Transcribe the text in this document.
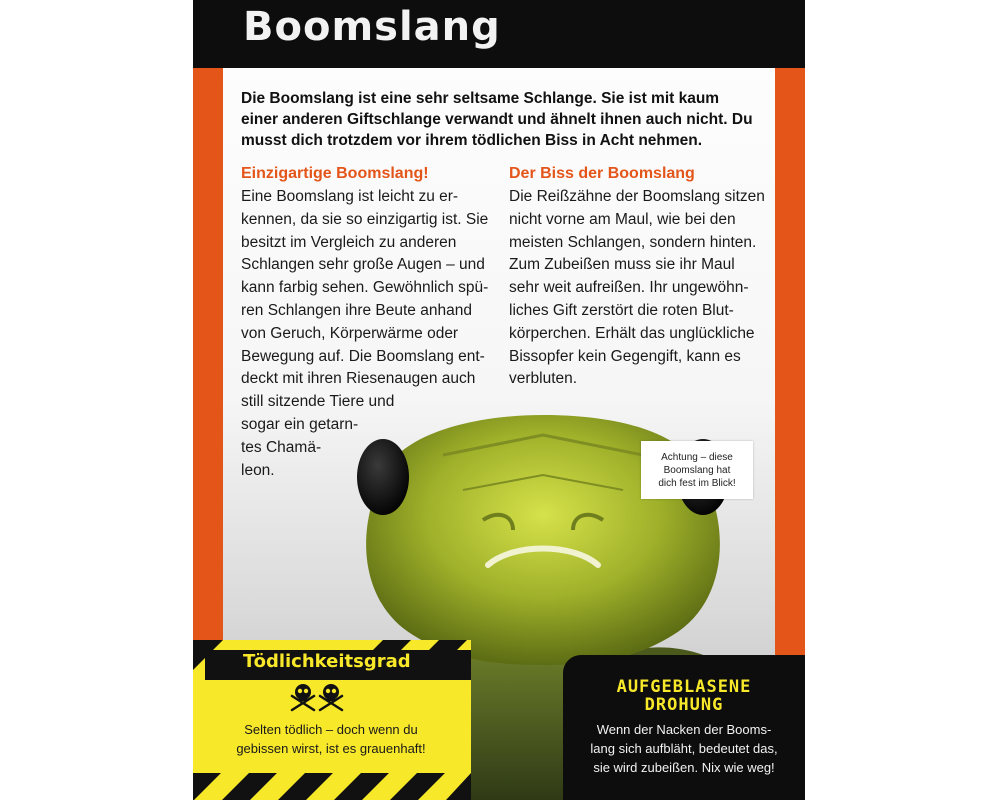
Boomslang

Die Boomslang ist eine sehr seltsame Schlange. Sie ist mit kaum einer anderen Giftschlange verwandt und ähnelt ihnen auch nicht. Du musst dich trotzdem vor ihrem tödlichen Biss in Acht nehmen.

Einzigartige Boomslang!
Eine Boomslang ist leicht zu er-
kennen, da sie so einzigartig ist. Sie
besitzt im Vergleich zu anderen
Schlangen sehr große Augen – und
kann farbig sehen. Gewöhnlich spü-
ren Schlangen ihre Beute anhand
von Geruch, Körperwärme oder
Bewegung auf. Die Boomslang ent-
deckt mit ihren Riesenaugen auch
still sitzende Tiere und
sogar ein getarn-
tes Chamä-
leon.
Der Biss der Boomslang
Die Reißzähne der Boomslang sitzen
nicht vorne am Maul, wie bei den
meisten Schlangen, sondern hinten.
Zum Zubeißen muss sie ihr Maul
sehr weit aufreißen. Ihr ungewöhn-
liches Gift zerstört die roten Blut-
körperchen. Erhält das unglückliche
Bissopfer kein Gegengift, kann es
verbluten.
Achtung – diese
Boomslang hat
dich fest im Blick!
Tödlichkeitsgrad
Selten tödlich – doch wenn du
gebissen wirst, ist es grauenhaft!
AUFGEBLASENE
DROHUNG
Wenn der Nacken der Booms-
lang sich aufbläht, bedeutet das,
sie wird zubeißen. Nix wie weg!
